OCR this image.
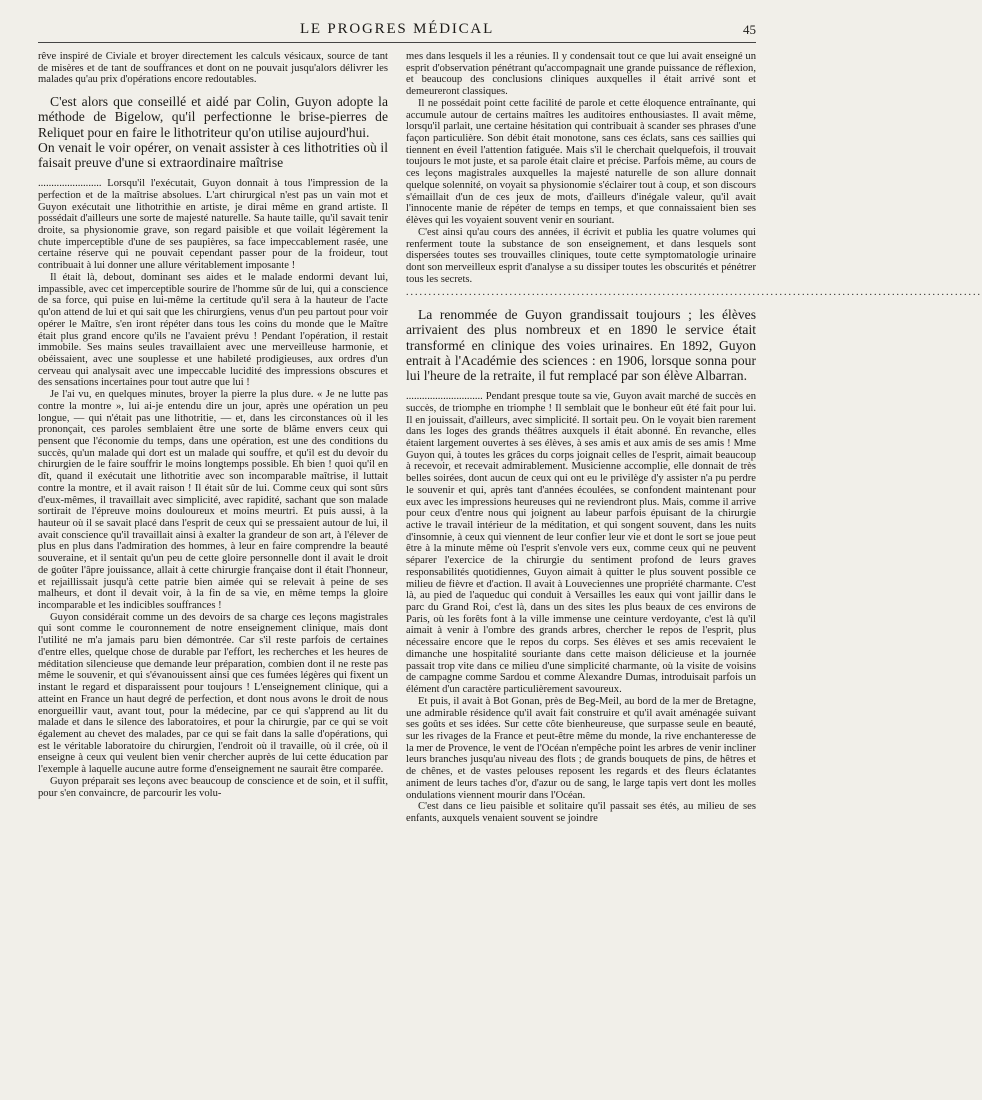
LE PROGRES MÉDICAL	45

rêve inspiré de Civiale et broyer directement les calculs vésicaux, source de tant de misères et de tant de souffrances et dont on ne pouvait jusqu'alors délivrer les malades qu'au prix d'opérations encore redoutables.

C'est alors que conseillé et aidé par Colin, Guyon adopte la méthode de Bigelow, qu'il perfectionne le brise-pierres de Reliquet pour en faire le lithotriteur qu'on utilise aujourd'hui.
On venait le voir opérer, on venait assister à ces lithotrities où il faisait preuve d'une si extraordinaire maîtrise

........................ Lorsqu'il l'exécutait, Guyon donnait à tous l'impression de la perfection et de la maîtrise absolues. L'art chirurgical n'est pas un vain mot et Guyon exécutait une lithotrithie en artiste, je dirai même en grand artiste. Il possédait d'ailleurs une sorte de majesté naturelle. Sa haute taille, qu'il savait tenir droite, sa physionomie grave, son regard paisible et que voilait légèrement la chute imperceptible d'une de ses paupières, sa face impeccablement rasée, une certaine réserve qui ne pouvait cependant passer pour de la froideur, tout contribuait à lui donner une allure véritablement imposante !

Il était là, debout, dominant ses aides et le malade endormi devant lui, impassible, avec cet imperceptible sourire de l'homme sûr de lui, qui a conscience de sa force, qui puise en lui-même la certitude qu'il sera à la hauteur de l'acte qu'on attend de lui et qui sait que les chirurgiens, venus d'un peu partout pour voir opérer le Maître, s'en iront répéter dans tous les coins du monde que le Maître était plus grand encore qu'ils ne l'avaient prévu ! Pendant l'opération, il restait immobile. Ses mains seules travaillaient avec une merveilleuse harmonie, et obéissaient, avec une souplesse et une habileté prodigieuses, aux ordres d'un cerveau qui analysait avec une impeccable lucidité des impressions obscures et des sensations incertaines pour tout autre que lui !

Je l'ai vu, en quelques minutes, broyer la pierre la plus dure. « Je ne lutte pas contre la montre », lui ai-je entendu dire un jour, après une opération un peu longue, — qui n'était pas une lithotritie, — et, dans les circonstances où il les prononçait, ces paroles semblaient être une sorte de blâme envers ceux qui pensent que l'économie du temps, dans une opération, est une des conditions du succès, qu'un malade qui dort est un malade qui souffre, et qu'il est du devoir du chirurgien de le faire souffrir le moins longtemps possible. Eh bien ! quoi qu'il en dît, quand il exécutait une lithotritie avec son incomparable maîtrise, il luttait contre la montre, et il avait raison ! Il était sûr de lui. Comme ceux qui sont sûrs d'eux-mêmes, il travaillait avec simplicité, avec rapidité, sachant que son malade sortirait de l'épreuve moins douloureux et moins meurtri. Et puis aussi, à la hauteur où il se savait placé dans l'esprit de ceux qui se pressaient autour de lui, il avait conscience qu'il travaillait ainsi à exalter la grandeur de son art, à l'élever de plus en plus dans l'admiration des hommes, à leur en faire comprendre la beauté souveraine, et il sentait qu'un peu de cette gloire personnelle dont il avait le droit de goûter l'âpre jouissance, allait à cette chirurgie française dont il était l'honneur, et rejaillissait jusqu'à cette patrie bien aimée qui se relevait à peine de ses malheurs, et dont il devait voir, à la fin de sa vie, en même temps la gloire incomparable et les indicibles souffrances !

Guyon considérait comme un des devoirs de sa charge ces leçons magistrales qui sont comme le couronnement de notre enseignement clinique, mais dont l'utilité ne m'a jamais paru bien démontrée. Car s'il reste parfois de certaines d'entre elles, quelque chose de durable par l'effort, les recherches et les heures de méditation silencieuse que demande leur préparation, combien dont il ne reste pas même le souvenir, et qui s'évanouissent ainsi que ces fumées légères qui fixent un instant le regard et disparaissent pour toujours ! L'enseignement clinique, qui a atteint en France un haut degré de perfection, et dont nous avons le droit de nous enorgueillir vaut, avant tout, pour la médecine, par ce qui s'apprend au lit du malade et dans le silence des laboratoires, et pour la chirurgie, par ce qui se voit également au chevet des malades, par ce qui se fait dans la salle d'opérations, qui est le véritable laboratoire du chirurgien, l'endroit où il travaille, où il crée, où il enseigne à ceux qui veulent bien venir chercher auprès de lui cette éducation par l'exemple à laquelle aucune autre forme d'enseignement ne saurait être comparée.

Guyon préparait ses leçons avec beaucoup de conscience et de soin, et il suffit, pour s'en convaincre, de parcourir les volu-

mes dans lesquels il les a réunies. Il y condensait tout ce que lui avait enseigné un esprit d'observation pénétrant qu'accompagnait une grande puissance de réflexion, et beaucoup des conclusions cliniques auxquelles il était arrivé sont et demeureront classiques.

Il ne possédait point cette facilité de parole et cette éloquence entraînante, qui accumule autour de certains maîtres les auditoires enthousiastes. Il avait même, lorsqu'il parlait, une certaine hésitation qui contribuait à scander ses phrases d'une façon particulière. Son débit était monotone, sans ces éclats, sans ces saillies qui tiennent en éveil l'attention fatiguée. Mais s'il le cherchait quelquefois, il trouvait toujours le mot juste, et sa parole était claire et précise. Parfois même, au cours de ces leçons magistrales auxquelles la majesté naturelle de son allure donnait quelque solennité, on voyait sa physionomie s'éclairer tout à coup, et son discours s'émaillait d'un de ces jeux de mots, d'ailleurs d'inégale valeur, qu'il avait l'innocente manie de répéter de temps en temps, et que connaissaient bien ses élèves qui les voyaient souvent venir en souriant.

C'est ainsi qu'au cours des années, il écrivit et publia les quatre volumes qui renferment toute la substance de son enseignement, et dans lesquels sont dispersées toutes ses trouvailles cliniques, toute cette symptomatologie urinaire dont son merveilleux esprit d'analyse a su dissiper toutes les obscurités et pénétrer tous les secrets.

................................................................................................................................

La renommée de Guyon grandissait toujours ; les élèves arrivaient des plus nombreux et en 1890 le service était transformé en clinique des voies urinaires. En 1892, Guyon entrait à l'Académie des sciences : en 1906, lorsque sonna pour lui l'heure de la retraite, il fut remplacé par son élève Albarran.

............................. Pendant presque toute sa vie, Guyon avait marché de succès en succès, de triomphe en triomphe ! Il semblait que le bonheur eût été fait pour lui. Il en jouissait, d'ailleurs, avec simplicité. Il sortait peu. On le voyait bien rarement dans les loges des grands théâtres auxquels il était abonné. En revanche, elles étaient largement ouvertes à ses élèves, à ses amis et aux amis de ses amis ! Mme Guyon qui, à toutes les grâces du corps joignait celles de l'esprit, aimait beaucoup à recevoir, et recevait admirablement. Musicienne accomplie, elle donnait de très belles soirées, dont aucun de ceux qui ont eu le privilège d'y assister n'a pu perdre le souvenir et qui, après tant d'années écoulées, se confondent maintenant pour eux avec les impressions heureuses qui ne reviendront plus. Mais, comme il arrive pour ceux d'entre nous qui joignent au labeur parfois épuisant de la chirurgie active le travail intérieur de la méditation, et qui songent souvent, dans les nuits d'insomnie, à ceux qui viennent de leur confier leur vie et dont le sort se joue peut être à la minute même où l'esprit s'envole vers eux, comme ceux qui ne peuvent séparer l'exercice de la chirurgie du sentiment profond de leurs graves responsabilités quotidiennes, Guyon aimait à quitter le plus souvent possible ce milieu de fièvre et d'action. Il avait à Louveciennes une propriété charmante. C'est là, au pied de l'aqueduc qui conduit à Versailles les eaux qui vont jaillir dans le parc du Grand Roi, c'est là, dans un des sites les plus beaux de ces environs de Paris, où les forêts font à la ville immense une ceinture verdoyante, c'est là qu'il aimait à venir à l'ombre des grands arbres, chercher le repos de l'esprit, plus nécessaire encore que le repos du corps. Ses élèves et ses amis recevaient le dimanche une hospitalité souriante dans cette maison délicieuse et la journée passait trop vite dans ce milieu d'une simplicité charmante, où la visite de voisins de campagne comme Sardou et comme Alexandre Dumas, introduisait parfois un élément d'un caractère particulièrement savoureux.

Et puis, il avait à Bot Gonan, près de Beg-Meil, au bord de la mer de Bretagne, une admirable résidence qu'il avait fait construire et qu'il avait aménagée suivant ses goûts et ses idées. Sur cette côte bienheureuse, que surpasse seule en beauté, sur les rivages de la France et peut-être même du monde, la rive enchanteresse de la mer de Provence, le vent de l'Océan n'empêche point les arbres de venir incliner leurs branches jusqu'au niveau des flots ; de grands bouquets de pins, de hêtres et de chênes, et de vastes pelouses reposent les regards et des fleurs éclatantes animent de leurs taches d'or, d'azur ou de sang, le large tapis vert dont les molles ondulations viennent mourir dans l'Océan.

C'est dans ce lieu paisible et solitaire qu'il passait ses étés, au milieu de ses enfants, auxquels venaient souvent se joindre
